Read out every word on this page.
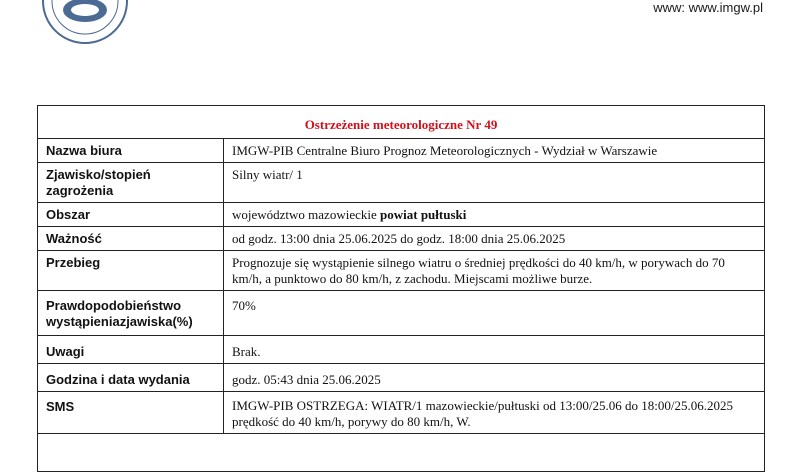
www: www.imgw.pl
Ostrzeżenie meteorologiczne Nr 49	
Nazwa biura	IMGW-PIB Centralne Biuro Prognoz Meteorologicznych - Wydział w Warszawie
Zjawisko/stopień zagrożenia	Silny wiatr/ 1
Obszar	województwo mazowieckie powiat pułtuski
Ważność	od godz. 13:00 dnia 25.06.2025 do godz. 18:00 dnia 25.06.2025
Przebieg	Prognozuje się wystąpienie silnego wiatru o średniej prędkości do 40 km/h, w porywach do 70 km/h, a punktowo do 80 km/h, z zachodu. Miejscami możliwe burze.
Prawdopodobieństwo wystąpieniazjawiska(%)	70%
Uwagi	Brak.
Godzina i data wydania	godz. 05:43 dnia 25.06.2025
SMS	IMGW-PIB OSTRZEGA: WIATR/1 mazowieckie/pułtuski od 13:00/25.06 do 18:00/25.06.2025 prędkość do 40 km/h, porywy do 80 km/h, W.
